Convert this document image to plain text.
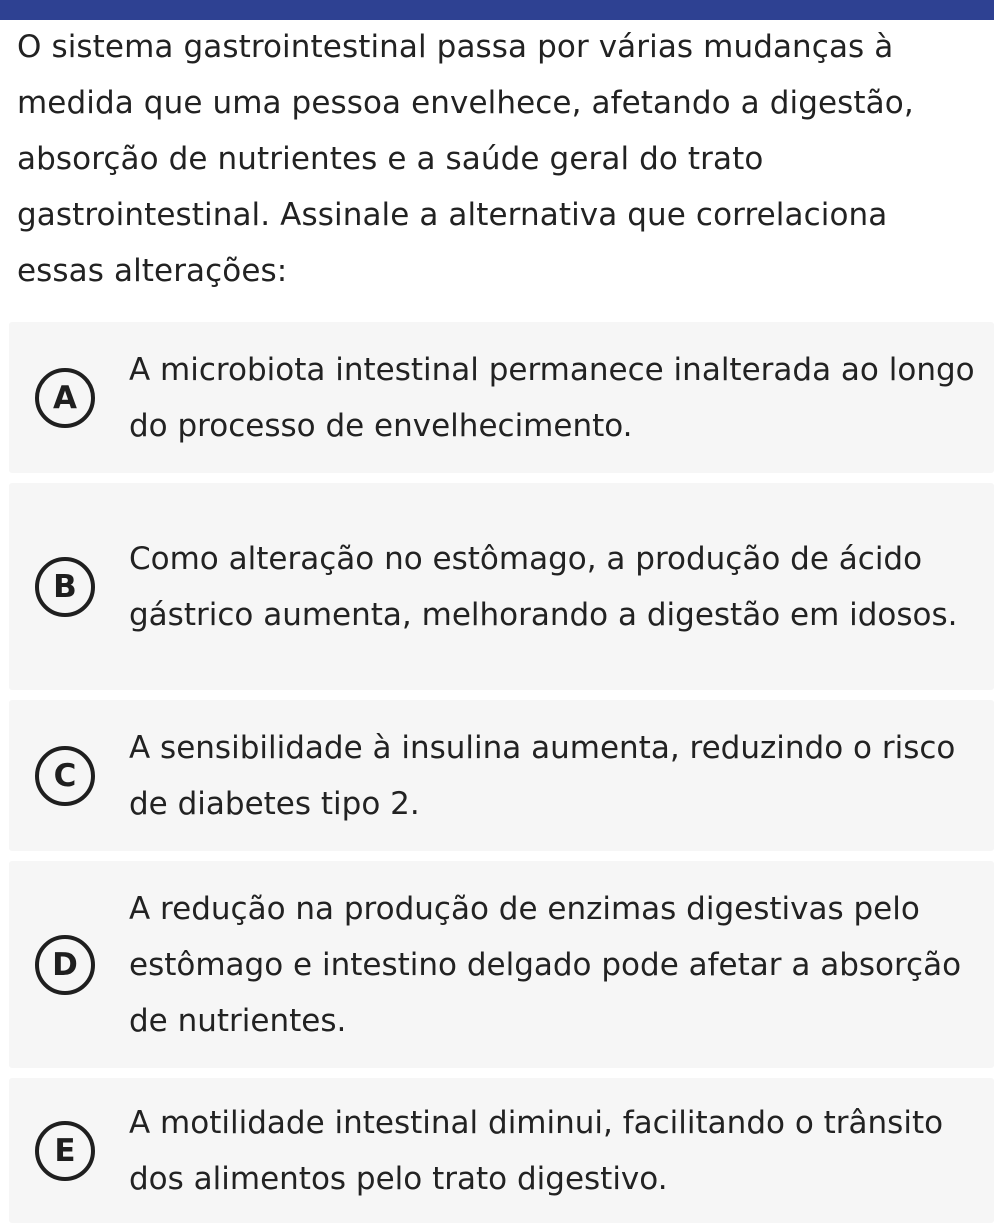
O sistema gastrointestinal passa por várias mudanças à medida que uma pessoa envelhece, afetando a digestão, absorção de nutrientes e a saúde geral do trato gastrointestinal. Assinale a alternativa que correlaciona essas alterações:

A

A microbiota intestinal permanece inalterada ao longo do processo de envelhecimento.

B

Como alteração no estômago, a produção de ácido gástrico aumenta, melhorando a digestão em idosos.

C

A sensibilidade à insulina aumenta, reduzindo o risco de diabetes tipo 2.

D

A redução na produção de enzimas digestivas pelo estômago e intestino delgado pode afetar a absorção de nutrientes.

E

A motilidade intestinal diminui, facilitando o trânsito dos alimentos pelo trato digestivo.
